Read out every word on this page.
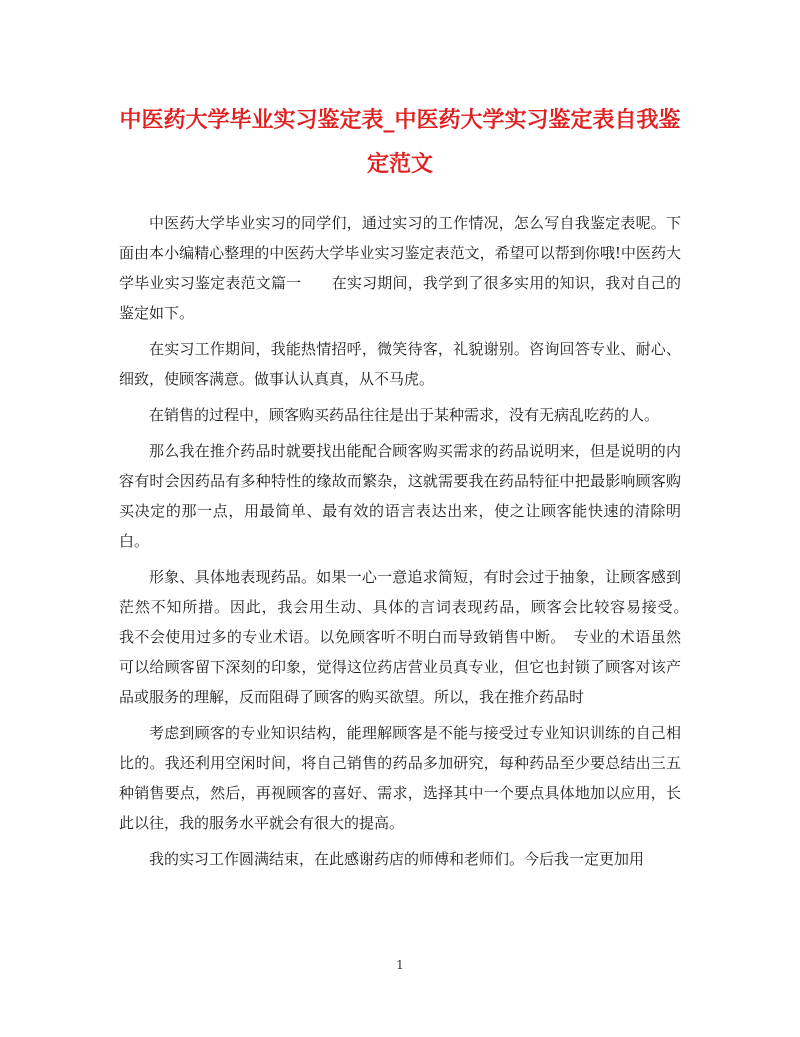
中医药大学毕业实习鉴定表_中医药大学实习鉴定表自我鉴定范文

中医药大学毕业实习的同学们，通过实习的工作情况，怎么写自我鉴定表呢。下面由本小编精心整理的中医药大学毕业实习鉴定表范文，希望可以帮到你哦!中医药大学毕业实习鉴定表范文篇一　　在实习期间，我学到了很多实用的知识，我对自己的鉴定如下。

在实习工作期间，我能热情招呼，微笑待客，礼貌谢别。咨询回答专业、耐心、细致，使顾客满意。做事认认真真，从不马虎。

在销售的过程中，顾客购买药品往往是出于某种需求，没有无病乱吃药的人。

那么我在推介药品时就要找出能配合顾客购买需求的药品说明来，但是说明的内容有时会因药品有多种特性的缘故而繁杂，这就需要我在药品特征中把最影响顾客购买决定的那一点，用最简单、最有效的语言表达出来，使之让顾客能快速的清除明白。

形象、具体地表现药品。如果一心一意追求简短，有时会过于抽象，让顾客感到茫然不知所措。因此，我会用生动、具体的言词表现药品，顾客会比较容易接受。　我不会使用过多的专业术语。以免顾客听不明白而导致销售中断。　专业的术语虽然可以给顾客留下深刻的印象，觉得这位药店营业员真专业，但它也封锁了顾客对该产品或服务的理解，反而阻碍了顾客的购买欲望。所以，我在推介药品时

考虑到顾客的专业知识结构，能理解顾客是不能与接受过专业知识训练的自己相比的。我还利用空闲时间，将自己销售的药品多加研究，每种药品至少要总结出三五种销售要点，然后，再视顾客的喜好、需求，选择其中一个要点具体地加以应用，长此以往，我的服务水平就会有很大的提高。

我的实习工作圆满结束，在此感谢药店的师傅和老师们。今后我一定更加用

1
